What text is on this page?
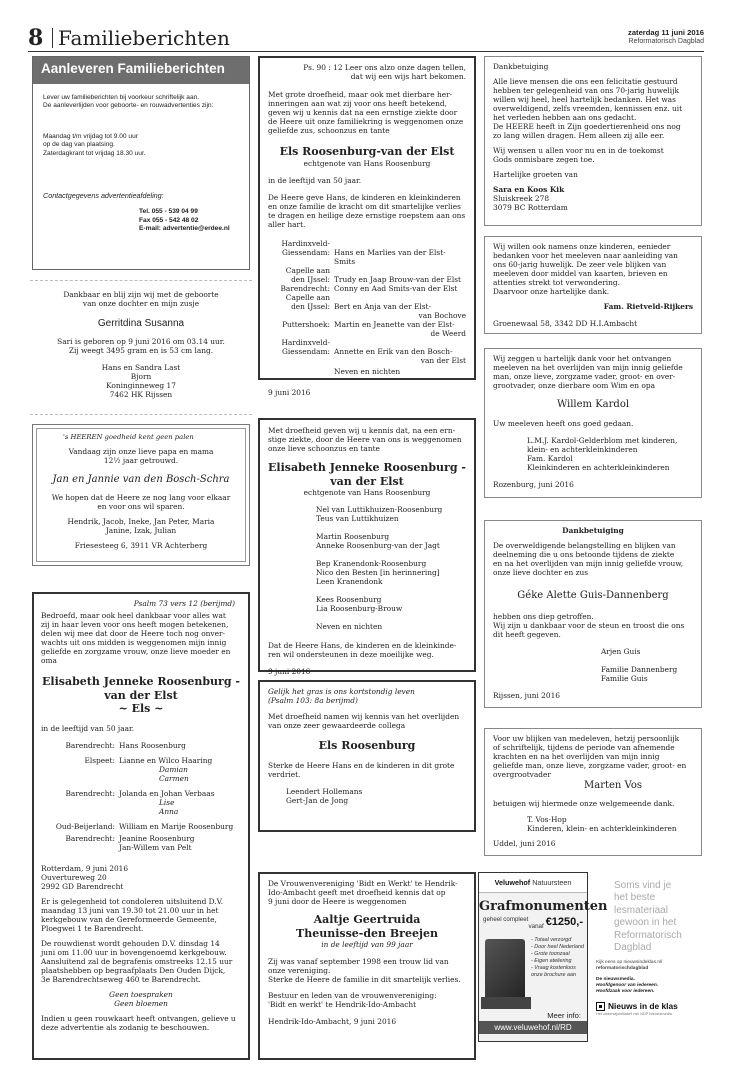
8 Familieberichten	zaterdag 11 juni 2016
Reformatorisch Dagblad
Aanleveren Familieberichten
Lever uw familieberichten bij voorkeur schriftelijk aan.
De aanleverlijden voor geboorte- en rouwadvertenties zijn:
Maandag t/m vrijdag tot 9.00 uur
op de dag van plaatsing.
Zaterdagkrant tot vrijdag 18.30 uur.
Contactgegevens advertentieafdeling:
Tel. 055 - 539 04 99
Fax 055 - 542 48 02
E-mail: advertentie@erdee.nl
Dankbaar en blij zijn wij met de geboorte
van onze dochter en mijn zusje
Gerritdina Susanna
Sari is geboren op 9 juni 2016 om 03.14 uur.
Zij weegt 3495 gram en is 53 cm lang.
Hans en Sandra Last
Bjorn
Koninginneweg 17
7462 HK Rijssen
's HEEREN goedheid kent geen palen
Vandaag zijn onze lieve papa en mama
12½ jaar getrouwd.
Jan en Jannie van den Bosch-Schra
We hopen dat de Heere ze nog lang voor elkaar
en voor ons wil sparen.
Hendrik, Jacob, Ineke, Jan Peter, Maria
Janine, Izak, Julian
Friesesteeg 6, 3911 VR Achterberg
Psalm 73 vers 12 (berijmd)
Bedroefd, maar ook heel dankbaar voor alles wat
zij in haar leven voor ons heeft mogen betekenen,
delen wij mee dat door de Heere toch nog onver-
wachts uit ons midden is weggenomen mijn innig
geliefde en zorgzame vrouw, onze lieve moeder en
oma
Elisabeth Jenneke Roosenburg -
van der Elst
~ Els ~
in de leeftijd van 50 jaar.
Barendrecht: Hans Roosenburg
Elspeet: Lianne en Wilco Haaring
Damian
Carmen
Barendrecht: Jolanda en Johan Verbaas
Lise
Anna
Oud-Beijerland: William en Marije Roosenburg
Barendrecht: Jeanine Roosenburg
Jan-Willem van Pelt
Rotterdam, 9 juni 2016
Ouvertureweg 20
2992 GD Barendrecht
Er is gelegenheid tot condoleren uitsluitend D.V.
maandag 13 juni van 19.30 tot 21.00 uur in het
kerkgebouw van de Gereformeerde Gemeente,
Ploegwei 1 te Barendrecht.
De rouwdienst wordt gehouden D.V. dinsdag 14
juni om 11.00 uur in bovengenoemd kerkgebouw.
Aansluitend zal de begrafenis omstreeks 12.15 uur
plaatshebben op begraafplaats Den Ouden Dijck,
3e Barendrechtseweg 460 te Barendrecht.
Geen toespraken
Geen bloemen
Indien u geen rouwkaart heeft ontvangen, gelieve u
deze advertentie als zodanig te beschouwen.
Ps. 90 : 12 Leer ons alzo onze dagen tellen,
dat wij een wijs hart bekomen.
Met grote droefheid, maar ook met dierbare her-
inneringen aan wat zij voor ons heeft betekend,
geven wij u kennis dat na een ernstige ziekte door
de Heere uit onze familiekring is weggenomen onze
geliefde zus, schoonzus en tante
Els Roosenburg-van der Elst
echtgenote van Hans Roosenburg
in de leeftijd van 50 jaar.
De Heere geve Hans, de kinderen en kleinkinderen
en onze familie de kracht om dit smartelijke verlies
te dragen en heilige deze ernstige roepstem aan ons
aller hart.
Hardinxveld-
Giessendam: Hans en Marlies van der Elst-Smits
Capelle aan
den IJssel: Trudy en Jaap Brouw-van der Elst
Barendrecht: Conny en Aad Smits-van der Elst
Capelle aan
den IJssel: Bert en Anja van der Elst-
van Bochove
Puttershoek: Martin en Jeanette van der Elst-
de Weerd
Hardinxveld-
Giessendam: Annette en Erik van den Bosch-
van der Elst
Neven en nichten
9 juni 2016
Met droefheid geven wij u kennis dat, na een ern-
stige ziekte, door de Heere van ons is weggenomen
onze lieve schoonzus en tante
Elisabeth Jenneke Roosenburg -
van der Elst
echtgenote van Hans Roosenburg
Nel van Luttikhuizen-Roosenburg
Teus van Luttikhuizen
Martin Roosenburg
Anneke Roosenburg-van der Jagt
Bep Kranendonk-Roosenburg
Nico den Besten [in herinnering]
Leen Kranendonk
Kees Roosenburg
Lia Roosenburg-Brouw
Neven en nichten
Dat de Heere Hans, de kinderen en de kleinkinde-
ren wil ondersteunen in deze moeilijke weg.
9 juni 2016
Gelijk het gras is ons kortstondig leven
(Psalm 103: 8a berijmd)
Met droefheid namen wij kennis van het overlijden
van onze zeer gewaardeerde collega
Els Roosenburg
Sterke de Heere Hans en de kinderen in dit grote
verdriet.
Leendert Hollemans
Gert-Jan de Jong
De Vrouwenvereniging 'Bidt en Werkt' te Hendrik-
Ido-Ambacht geeft met droefheid kennis dat op
9 juni door de Heere is weggenomen
Aaltje Geertruida
Theunisse-den Breejen
in de leeftijd van 99 jaar
Zij was vanaf september 1998 een trouw lid van
onze vereniging.
Sterke de Heere de familie in dit smartelijk verlies.
Bestuur en leden van de vrouwenvereniging:
'Bidt en werkt' te Hendrik-Ido-Ambacht
Hendrik-Ido-Ambacht, 9 juni 2016
Dankbetuiging
Alle lieve mensen die ons een felicitatie gestuurd
hebben ter gelegenheid van ons 70-jarig huwelijk
willen wij heel, heel hartelijk bedanken. Het was
overweldigend, zelfs vreemden, kennissen enz. uit
het verleden hebben aan ons gedacht.
De HEERE heeft in Zijn goedertierenheid ons nog
zo lang willen dragen. Hem alleen zij alle eer.
Wij wensen u allen voor nu en in de toekomst
Gods onmisbare zegen toe.
Hartelijke groeten van
Sara en Koos Kik
Sluiskreek 278
3079 BC Rotterdam
Wij willen ook namens onze kinderen, eenieder
bedanken voor het meeleven naar aanleiding van
ons 60-jarig huwelijk. De zeer vele blijken van
meeleven door middel van kaarten, brieven en
attenties strekt tot verwondering.
Daarvoor onze hartelijke dank.
Fam. Rietveld-Rijkers
Groenewaal 58, 3342 DD H.I.Ambacht
Wij zeggen u hartelijk dank voor het ontvangen
meeleven na het overlijden van mijn innig geliefde
man, onze lieve, zorgzame vader, groot- en over-
grootvader, onze dierbare oom Wim en opa
Willem Kardol
Uw meeleven heeft ons goed gedaan.
L.M.J. Kardol-Gelderblom met kinderen,
klein- en achterkleinkinderen
Fam. Kardol
Kleinkinderen en achterkleinkinderen
Rozenburg, juni 2016
Dankbetuiging
De overweldigende belangstelling en blijken van
deelneming die u ons betoonde tijdens de ziekte
en na het overlijden van mijn innig geliefde vrouw,
onze lieve dochter en zus
Géke Alette Guis-Dannenberg
hebben ons diep getroffen.
Wij zijn u dankbaar voor de steun en troost die ons
dit heeft gegeven.
Arjen Guis
Familie Dannenberg
Familie Guis
Rijssen, juni 2016
Voor uw blijken van medeleven, hetzij persoonlijk
of schriftelijk, tijdens de periode van afnemende
krachten en na het overlijden van mijn innig
geliefde man, onze lieve, zorgzame vader, groot- en
overgrootvader
Marten Vos
betuigen wij hiermede onze welgemeende dank.
T. Vos-Hop
Kinderen, klein- en achterkleinkinderen
Uddel, juni 2016
Veluwehof Natuursteen
Grafmonumenten
geheel compleet
vanaf €1250,-
- Totaal verzorgd
- Door heel Nederland
- Grote toonzaal
- Eigen ateliering
- Vraag kostenloos
onze brochure aan
Meer info:
www.veluwehof.nl/RD
Soms vind je
het beste
lesmateriaal
gewoon in het
Reformatorisch
Dagblad
Kijk eens op nieuwsindeklas.nl/
reformatorischdagblad
De nieuwsmedia.
Hoofdgenoor van iedereen.
Hoofdzaak voor iedereen.
Nieuws in de klas
Het onderwijsinitiatief van NDP Nieuwsmedia
